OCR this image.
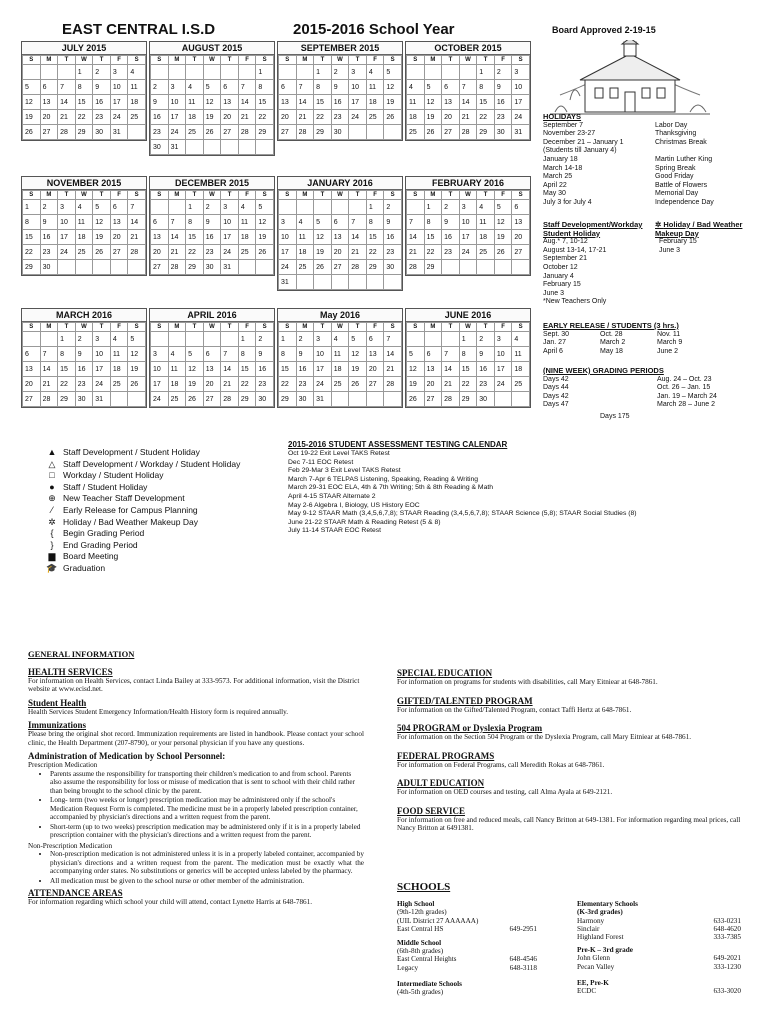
EAST CENTRAL I.S.D	2015-2016 School Year	Board Approved 2-19-15
JULY 2015
S	M	T	W	T	F	S
			1	2	3	4
5	6	7	8	9	10	11
12	13	14	15	16	17	18
19	20	21	22	23	24	25
26	27	28	29	30	31	
AUGUST 2015
S	M	T	W	T	F	S
						1
2	3	4	5	6	7	8
9	10	11	12	13	14	15
16	17	18	19	20	21	22
23	24	25	26	27	28	29
30	31					
SEPTEMBER 2015
S	M	T	W	T	F	S
		1	2	3	4	5
6	7	8	9	10	11	12
13	14	15	16	17	18	19
20	21	22	23	24	25	26
27	28	29	30			
OCTOBER 2015
S	M	T	W	T	F	S
				1	2	3
4	5	6	7	8	9	10
11	12	13	14	15	16	17
18	19	20	21	22	23	24
25	26	27	28	29	30	31
NOVEMBER 2015
S	M	T	W	T	F	S
1	2	3	4	5	6	7
8	9	10	11	12	13	14
15	16	17	18	19	20	21
22	23	24	25	26	27	28
29	30					
DECEMBER 2015
S	M	T	W	T	F	S
		1	2	3	4	5
6	7	8	9	10	11	12
13	14	15	16	17	18	19
20	21	22	23	24	25	26
27	28	29	30	31		
JANUARY 2016
S	M	T	W	T	F	S
					1	2
3	4	5	6	7	8	9
10	11	12	13	14	15	16
17	18	19	20	21	22	23
24	25	26	27	28	29	30
31						
FEBRUARY 2016
S	M	T	W	T	F	S
	1	2	3	4	5	6
7	8	9	10	11	12	13
14	15	16	17	18	19	20
21	22	23	24	25	26	27
28	29					
MARCH 2016
S	M	T	W	T	F	S
		1	2	3	4	5
6	7	8	9	10	11	12
13	14	15	16	17	18	19
20	21	22	23	24	25	26
27	28	29	30	31		
APRIL 2016
S	M	T	W	T	F	S
					1	2
3	4	5	6	7	8	9
10	11	12	13	14	15	16
17	18	19	20	21	22	23
24	25	26	27	28	29	30
May 2016
S	M	T	W	T	F	S
1	2	3	4	5	6	7
8	9	10	11	12	13	14
15	16	17	18	19	20	21
22	23	24	25	26	27	28
29	30	31				
JUNE 2016
S	M	T	W	T	F	S
			1	2	3	4
5	6	7	8	9	10	11
12	13	14	15	16	17	18
19	20	21	22	23	24	25
26	27	28	29	30		
HOLIDAYS
September 7	Labor Day
November 23-27	Thanksgiving
December 21 – January 1	Christmas Break
(Students till January 4)
January 18	Martin Luther King
March 14-18	Spring Break
March 25	Good Friday
April 22	Battle of Flowers
May 30	Memorial Day
July 3 for July 4	Independence Day
Staff Development/Workday Student Holiday
Aug.* 7, 10-12
August 13-14, 17-21
September 21
October 12
January 4
February 15
June 3
*New Teachers Only
✲ Holiday / Bad Weather Makeup Day
February 15
June 3
EARLY RELEASE / STUDENTS (3 hrs.)
Sept. 30	Oct. 28	Nov. 11
Jan. 27	March 2	March 9
April 6	May 18	June 2
(NINE WEEK) GRADING PERIODS
Days 42	Aug. 24 – Oct. 23
Days 44	Oct. 26 – Jan. 15
Days 42	Jan. 19 – March 24
Days 47	March 28 – June 2
Days 175
▲ Staff Development / Student Holiday
△ Staff Development / Workday / Student Holiday
□ Workday / Student Holiday
● Staff / Student Holiday
⊕ New Teacher Staff Development
⁄	Early Release for Campus Planning
✲ Holiday / Bad Weather Makeup Day
{	Begin Grading Period
}	End Grading Period
▆ Board Meeting
🎓 Graduation
2015-2016 STUDENT ASSESSMENT TESTING CALENDAR
Oct 19-22 Exit Level TAKS Retest
Dec 7-11 EOC Retest
Feb 29-Mar 3 Exit Level TAKS Retest
March 7-Apr 6 TELPAS Listening, Speaking, Reading & Writing
March 29-31 EOC ELA, 4th & 7th Writing; 5th & 8th Reading & Math
April 4-15 STAAR Alternate 2
May 2-6 Algebra I, Biology, US History EOC
May 9-12 STAAR Math (3,4,5,6,7,8); STAAR Reading (3,4,5,6,7,8); STAAR Science (5,8); STAAR Social Studies (8)
June 21-22 STAAR Math & Reading Retest (5 & 8)
July 11-14 STAAR EOC Retest
GENERAL INFORMATION
HEALTH SERVICES
For information on Health Services, contact Linda Bailey at 333-9573. For additional information, visit the District website at www.ecisd.net.
Student Health
Health Services Student Emergency Information/Health History form is required annually.
Immunizations
Please bring the original shot record. Immunization requirements are listed in handbook. Please contact your school clinic, the Health Department (207-8790), or your personal physician if you have any questions.
Administration of Medication by School Personnel:
Prescription Medication
• Parents assume the responsibility for transporting their children's medication to and from school. Parents also assume the responsibility for loss or misuse of medication that is sent to school with their child rather than being brought to the school clinic by the parent.
• Long- term (two weeks or longer) prescription medication may be administered only if the school's Medication Request Form is completed. The medicine must be in a properly labeled prescription container, accompanied by physician's directions and a written request from the parent.
• Short-term (up to two weeks) prescription medication may be administered only if it is in a properly labeled prescription container with the physician's directions and a written request from the parent.
Non-Prescription Medication
• Non-prescription medication is not administered unless it is in a properly labeled container, accompanied by physician's directions and a written request from the parent. The medication must be exactly what the accompanying order states. No substitutions or generics will be accepted unless labeled by the pharmacy.
• All medication must be given to the school nurse or other member of the administration.
ATTENDANCE AREAS
For information regarding which school your child will attend, contact Lynette Harris at 648-7861.
SPECIAL EDUCATION
For information on programs for students with disabilities, call Mary Eitniear at 648-7861.
GIFTED/TALENTED PROGRAM
For information on the Gifted/Talented Program, contact Taffi Hertz at 648-7861.
504 PROGRAM or Dyslexia Program
For information on the Section 504 Program or the Dyslexia Program, call Mary Eitniear at 648-7861.
FEDERAL PROGRAMS
For information on Federal Programs, call Meredith Rokas at 648-7861.
ADULT EDUCATION
For information on OED courses and testing, call Alma Ayala at 649-2121.
FOOD SERVICE
For information on free and reduced meals, call Nancy Britton at 649-1381. For information regarding meal prices, call Nancy Britton at 6491381.
SCHOOLS
High School
(9th-12th grades)
(UIL District 27 AAAAAA)
East Central HS	649-2951
Middle School
(6th-8th grades)
East Central Heights	648-4546
Legacy	648-3118
Intermediate Schools
(4th-5th grades)
Elementary Schools
(K-3rd grades)
Harmony	633-0231
Sinclair	648-4620
Highland Forest	333-7385
Pre-K – 3rd grade
John Glenn	649-2021
Pecan Valley	333-1230
EE, Pre-K
ECDC	633-3020
